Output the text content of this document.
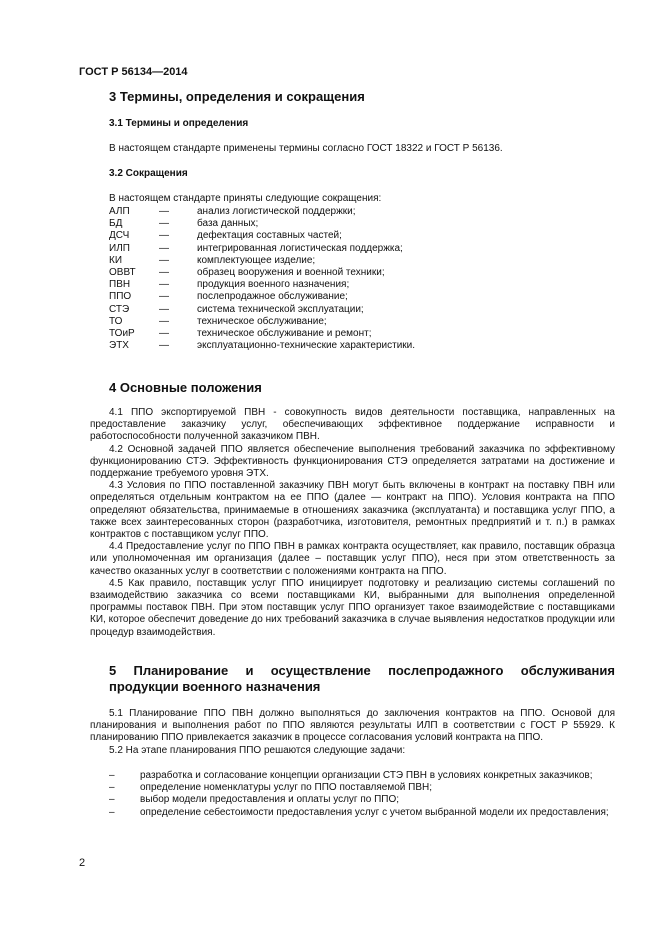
ГОСТ Р 56134—2014
3 Термины, определения и сокращения
3.1 Термины и определения
В настоящем стандарте применены термины согласно ГОСТ 18322 и ГОСТ Р 56136.
3.2 Сокращения
В настоящем стандарте приняты следующие сокращения:
АЛП	—	анализ логистической поддержки;
БД	—	база данных;
ДСЧ	—	дефектация составных частей;
ИЛП	—	интегрированная логистическая поддержка;
КИ	—	комплектующее изделие;
ОВВТ	—	образец вооружения и военной техники;
ПВН	—	продукция военного назначения;
ППО	—	послепродажное обслуживание;
СТЭ	—	система технической эксплуатации;
ТО	—	техническое обслуживание;
ТОиР	—	техническое обслуживание и ремонт;
ЭТХ	—	эксплуатационно-технические характеристики.
4 Основные положения

4.1 ППО экспортируемой ПВН - совокупность видов деятельности поставщика, направленных на предоставление заказчику услуг, обеспечивающих эффективное поддержание исправности и работоспособности полученной заказчиком ПВН.

4.2 Основной задачей ППО является обеспечение выполнения требований заказчика по эффективному функционированию СТЭ. Эффективность функционирования СТЭ определяется затратами на достижение и поддержание требуемого уровня ЭТХ.

4.3 Условия по ППО поставленной заказчику ПВН могут быть включены в контракт на поставку ПВН или определяться отдельным контрактом на ее ППО (далее — контракт на ППО). Условия контракта на ППО определяют обязательства, принимаемые в отношениях заказчика (эксплуатанта) и поставщика услуг ППО, а также всех заинтересованных сторон (разработчика, изготовителя, ремонтных предприятий и т. п.) в рамках контрактов с поставщиком услуг ППО.

4.4 Предоставление услуг по ППО ПВН в рамках контракта осуществляет, как правило, поставщик образца или уполномоченная им организация (далее – поставщик услуг ППО), неся при этом ответственность за качество оказанных услуг в соответствии с положениями контракта на ППО.

4.5 Как правило, поставщик услуг ППО инициирует подготовку и реализацию системы соглашений по взаимодействию заказчика со всеми поставщиками КИ, выбранными для выполнения определенной программы поставок ПВН. При этом поставщик услуг ППО организует такое взаимодействие с поставщиками КИ, которое обеспечит доведение до них требований заказчика в случае выявления недостатков продукции или процедур взаимодействия.

5 Планирование и осуществление послепродажного обслуживания
продукции военного назначения

5.1 Планирование ППО ПВН должно выполняться до заключения контрактов на ППО. Основой для планирования и выполнения работ по ППО являются результаты ИЛП в соответствии с ГОСТ Р 55929. К планированию ППО привлекается заказчик в процессе согласования условий контракта на ППО.

5.2 На этапе планирования ППО решаются следующие задачи:

–	разработка и согласование концепции организации СТЭ ПВН в условиях конкретных заказчиков;
–	определение номенклатуры услуг по ППО поставляемой ПВН;
–	выбор модели предоставления и оплаты услуг по ППО;
–	определение себестоимости предоставления услуг с учетом выбранной модели их предоставления;
2
